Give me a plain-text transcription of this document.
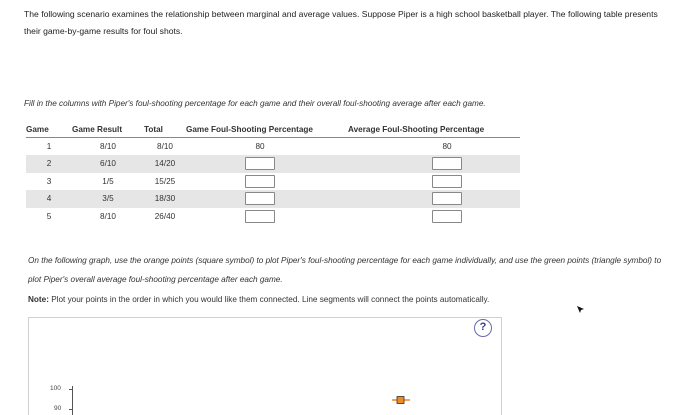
The following scenario examines the relationship between marginal and average values. Suppose Piper is a high school basketball player. The following table presents their game-by-game results for foul shots.
Fill in the columns with Piper's foul-shooting percentage for each game and their overall foul-shooting average after each game.
Game	Game Result	Total	Game Foul-Shooting Percentage	Average Foul-Shooting Percentage
1	8/10	8/10	80	80

2	6/10	14/20	

3	1/5	15/25	

4	3/5	18/30	

5	8/10	26/40	

On the following graph, use the orange points (square symbol) to plot Piper's foul-shooting percentage for each game individually, and use the green points (triangle symbol) to plot Piper's overall average foul-shooting percentage after each game.
Note: Plot your points in the order in which you would like them connected. Line segments will connect the points automatically.
?
100
90
